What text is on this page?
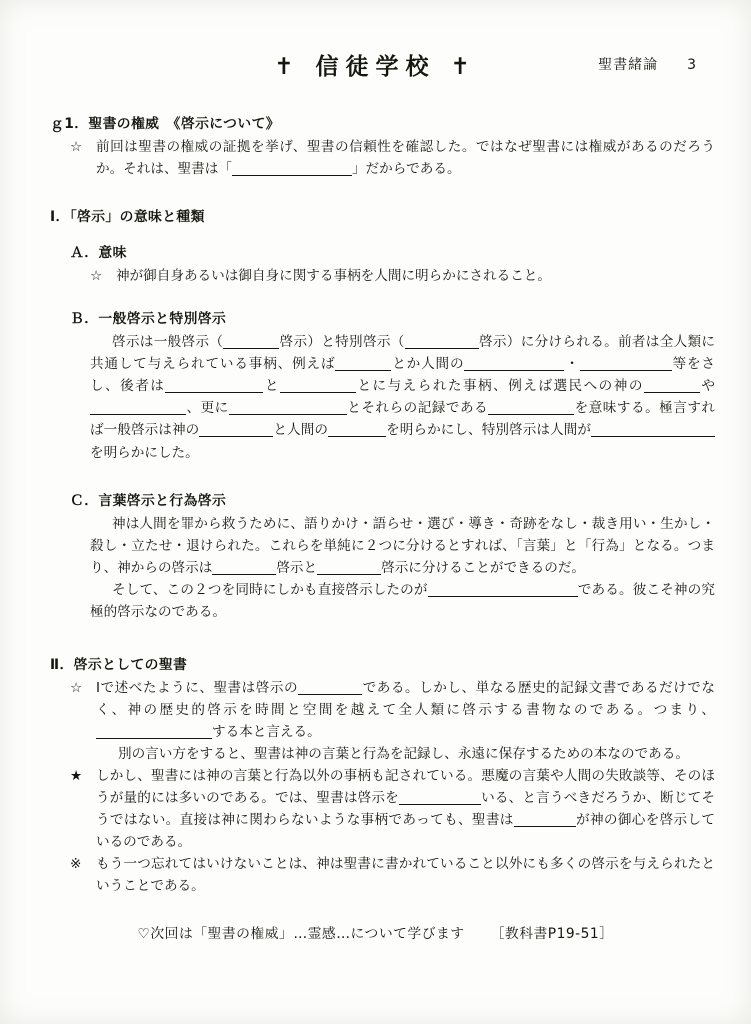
✝ 信徒学校 ✝	聖書緒論 3
ｇ1．聖書の権威　《啓示について》
☆ 前回は聖書の権威の証拠を挙げ、聖書の信頼性を確認した。ではなぜ聖書には権威があるのだろうか。それは、聖書は「	」だからである。
Ⅰ．「啓示」の意味と種類
Ａ．意味
☆ 神が御自身あるいは御自身に関する事柄を人間に明らかにされること。
Ｂ．一般啓示と特別啓示
啓示は一般啓示（	啓示）と特別啓示（	啓示）に分けられる。前者は全人類に共通して与えられている事柄、例えば	とか人間の	・	等をさし、後者は	と	とに与えられた事柄、例えば選民への神の	や、更に	とそれらの記録である	を意味する。極言すれば一般啓示は神の	と人間の	を明らかにし、特別啓示は人間がを明らかにした。
Ｃ．言葉啓示と行為啓示
神は人間を罪から救うために、語りかけ・語らせ・選び・導き・奇跡をなし・裁き用い・生かし・殺し・立たせ・退けられた。これらを単純に２つに分けるとすれば、「言葉」と「行為」となる。つまり、神からの啓示は	啓示と	啓示に分けることができるのだ。
そして、この２つを同時にしかも直接啓示したのが	である。彼こそ神の究極的啓示なのである。
Ⅱ．啓示としての聖書
☆ Ⅰで述べたように、聖書は啓示の	である。しかし、単なる歴史的記録文書であるだけでなく、神の歴史的啓示を時間と空間を越えて全人類に啓示する書物なのである。つまり、する本と言える。
別の言い方をすると、聖書は神の言葉と行為を記録し、永遠に保存するための本なのである。
★ しかし、聖書には神の言葉と行為以外の事柄も記されている。悪魔の言葉や人間の失敗談等、そのほうが量的には多いのである。では、聖書は啓示を	いる、と言うべきだろうか、断じてそうではない。直接は神に関わらないような事柄であっても、聖書は	が神の御心を啓示しているのである。
※ もう一つ忘れてはいけないことは、神は聖書に書かれていること以外にも多くの啓示を与えられたということである。
♡次回は「聖書の権威」…霊感…について学びます ［教科書P19-51］
